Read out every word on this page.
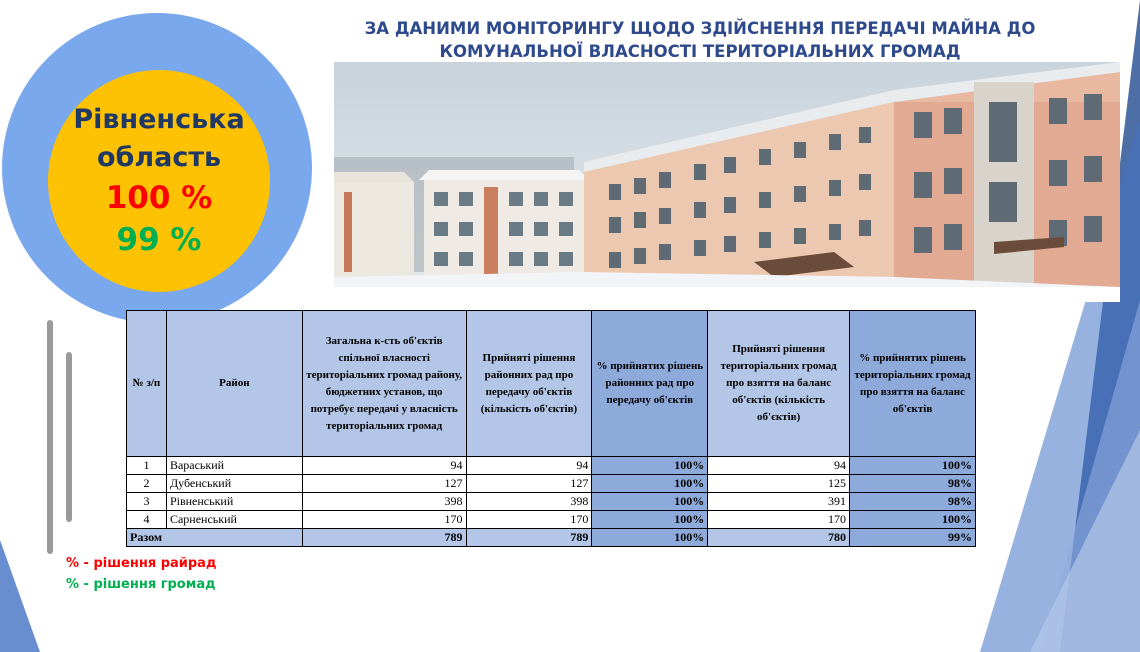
Рівненська
область
100 %
99 %
ЗА ДАНИМИ МОНІТОРИНГУ ЩОДО ЗДІЙСНЕННЯ ПЕРЕДАЧІ МАЙНА ДО
КОМУНАЛЬНОЇ ВЛАСНОСТІ ТЕРИТОРІАЛЬНИХ ГРОМАД
№ з/п	Район	Загальна к-сть об'єктів спільної власності територіальних громад району, бюджетних установ, що потребує передачі у власність територіальних громад	Прийняті рішення районних рад про передачу об'єктів (кількість об'єктів)	% прийнятих рішень районних рад про передачу об'єктів	Прийняті рішення територіальних громад про взяття на баланс об'єктів (кількість об'єктів)	% прийнятих рішень територіальних громад про взяття на баланс об'єктів
1	Вараський	94	94	100%	94	100%
2	Дубенський	127	127	100%	125	98%
3	Рівненський	398	398	100%	391	98%
4	Сарненський	170	170	100%	170	100%
Разом		789	789	100%	780	99%
% - рішення райрад
% - рішення громад
